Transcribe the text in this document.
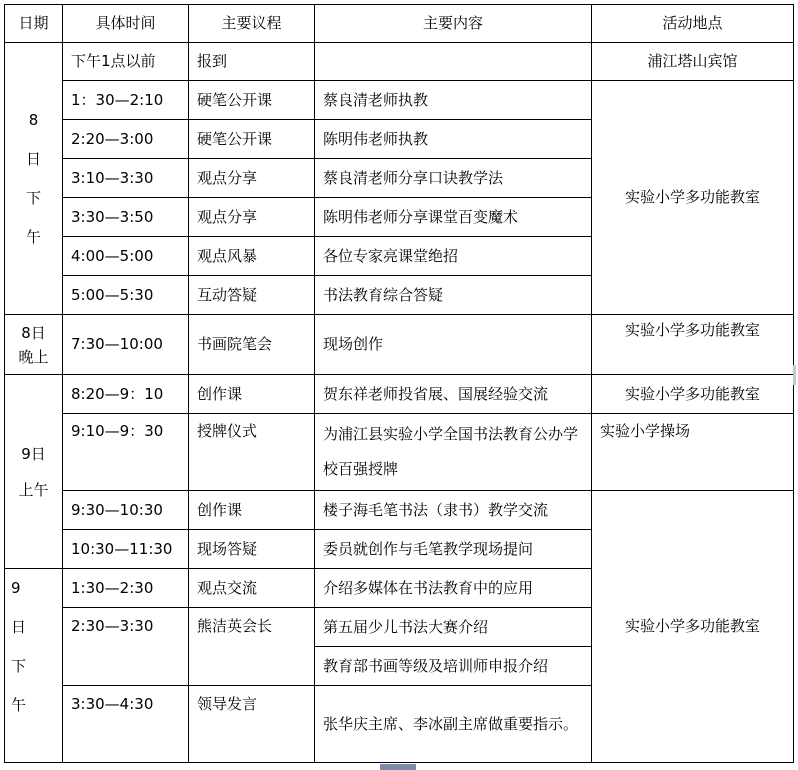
日期	具体时间	主要议程	主要内容	活动地点
8日下午	下午1点以前	报到		浦江塔山宾馆
	1：30—2:10	硬笔公开课	蔡良清老师执教	实验小学多功能教室
	2:20—3:00	硬笔公开课	陈明伟老师执教	
	3:10—3:30	观点分享	蔡良清老师分享口诀教学法	
	3:30—3:50	观点分享	陈明伟老师分享课堂百变魔术	
	4:00—5:00	观点风暴	各位专家亮课堂绝招	
	5:00—5:30	互动答疑	书法教育综合答疑	
8日晚上	7:30—10:00	书画院笔会	现场创作	实验小学多功能教室
9日上午	8:20—9：10	创作课	贺东祥老师投省展、国展经验交流	实验小学多功能教室
	9:10—9：30	授牌仪式	为浦江县实验小学全国书法教育公办学校百强授牌	实验小学操场
	9:30—10:30	创作课	楼子海毛笔书法（隶书）教学交流	实验小学多功能教室
	10:30—11:30	现场答疑	委员就创作与毛笔教学现场提问	
9日下午	1:30—2:30	观点交流	介绍多媒体在书法教育中的应用	
	2:30—3:30	熊洁英会长	第五届少儿书法大赛介绍	
			教育部书画等级及培训师申报介绍	
	3:30—4:30	领导发言	张华庆主席、李冰副主席做重要指示。	
